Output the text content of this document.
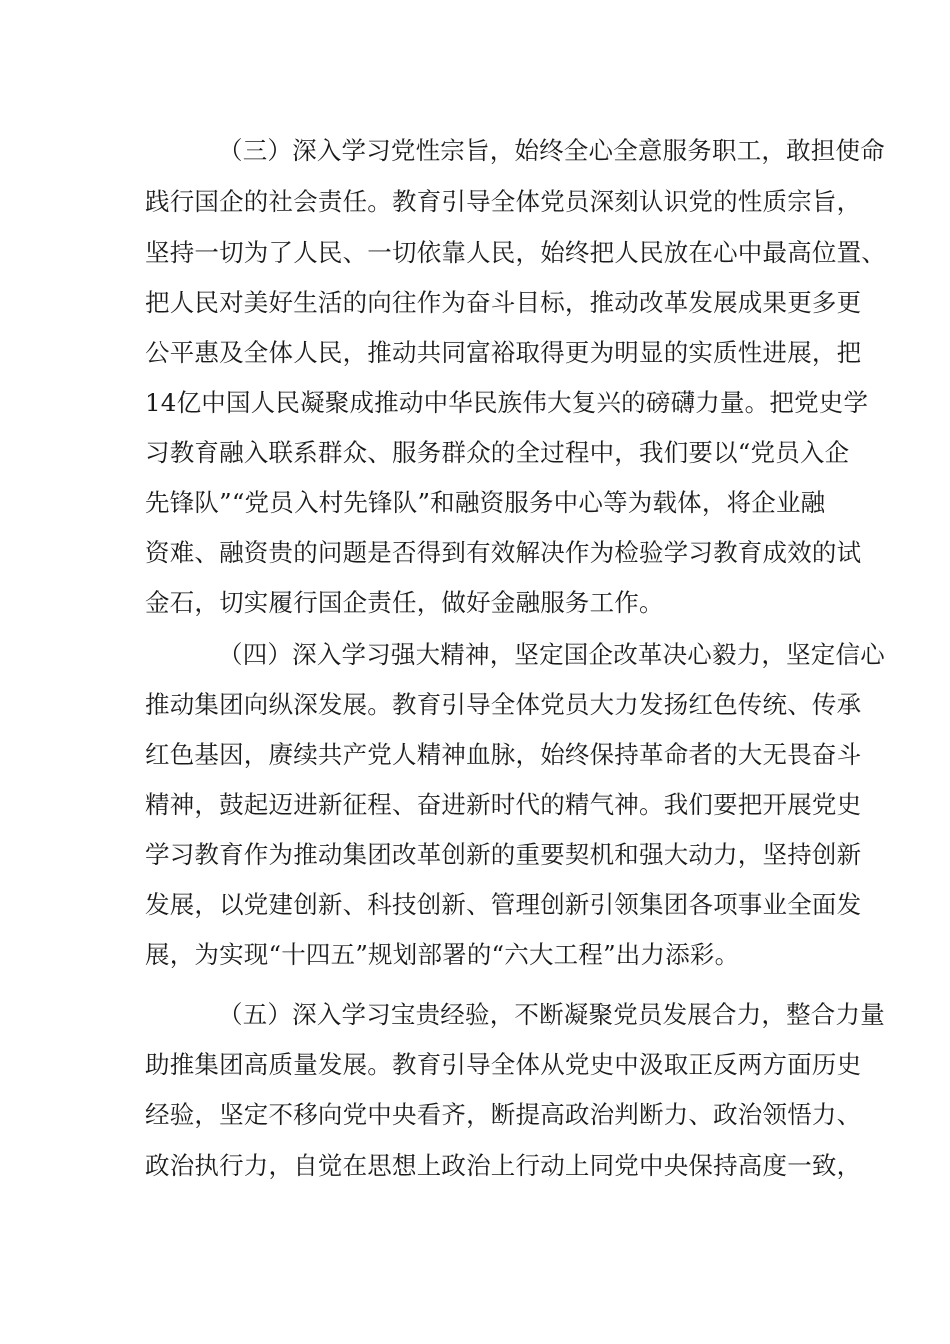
（三）深入学习党性宗旨，始终全心全意服务职工，敢担使命
践行国企的社会责任。教育引导全体党员深刻认识党的性质宗旨，
坚持一切为了人民、一切依靠人民，始终把人民放在心中最高位置、
把人民对美好生活的向往作为奋斗目标，推动改革发展成果更多更
公平惠及全体人民，推动共同富裕取得更为明显的实质性进展，把
14亿中国人民凝聚成推动中华民族伟大复兴的磅礴力量。把党史学
习教育融入联系群众、服务群众的全过程中，我们要以“党员入企
先锋队”“党员入村先锋队”和融资服务中心等为载体，将企业融
资难、融资贵的问题是否得到有效解决作为检验学习教育成效的试
金石，切实履行国企责任，做好金融服务工作。
（四）深入学习强大精神，坚定国企改革决心毅力，坚定信心
推动集团向纵深发展。教育引导全体党员大力发扬红色传统、传承
红色基因，赓续共产党人精神血脉，始终保持革命者的大无畏奋斗
精神，鼓起迈进新征程、奋进新时代的精气神。我们要把开展党史
学习教育作为推动集团改革创新的重要契机和强大动力，坚持创新
发展，以党建创新、科技创新、管理创新引领集团各项事业全面发
展，为实现“十四五”规划部署的“六大工程”出力添彩。
（五）深入学习宝贵经验，不断凝聚党员发展合力，整合力量
助推集团高质量发展。教育引导全体从党史中汲取正反两方面历史
经验，坚定不移向党中央看齐，断提高政治判断力、政治领悟力、
政治执行力，自觉在思想上政治上行动上同党中央保持高度一致，
